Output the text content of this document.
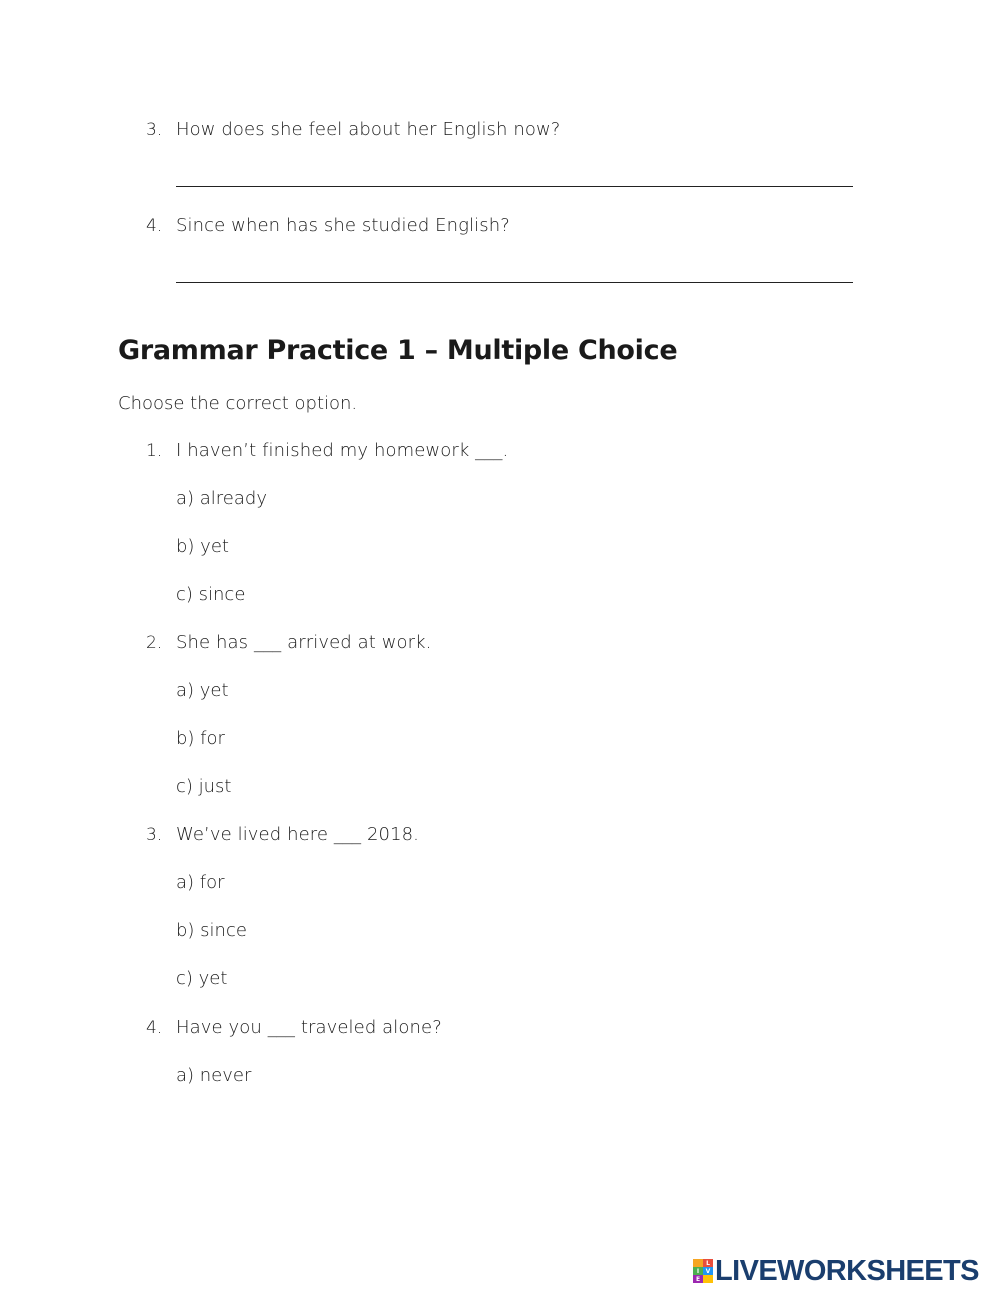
3. How does she feel about her English now?
4. Since when has she studied English?
Grammar Practice 1 – Multiple Choice
Choose the correct option.
1. I haven’t finished my homework ___.
a) already
b) yet
c) since
2. She has ___ arrived at work.
a) yet
b) for
c) just
3. We’ve lived here ___ 2018.
a) for
b) since
c) yet
4. Have you ___ traveled alone?
a) never
L
I	V
E LIVEWORKSHEETS
